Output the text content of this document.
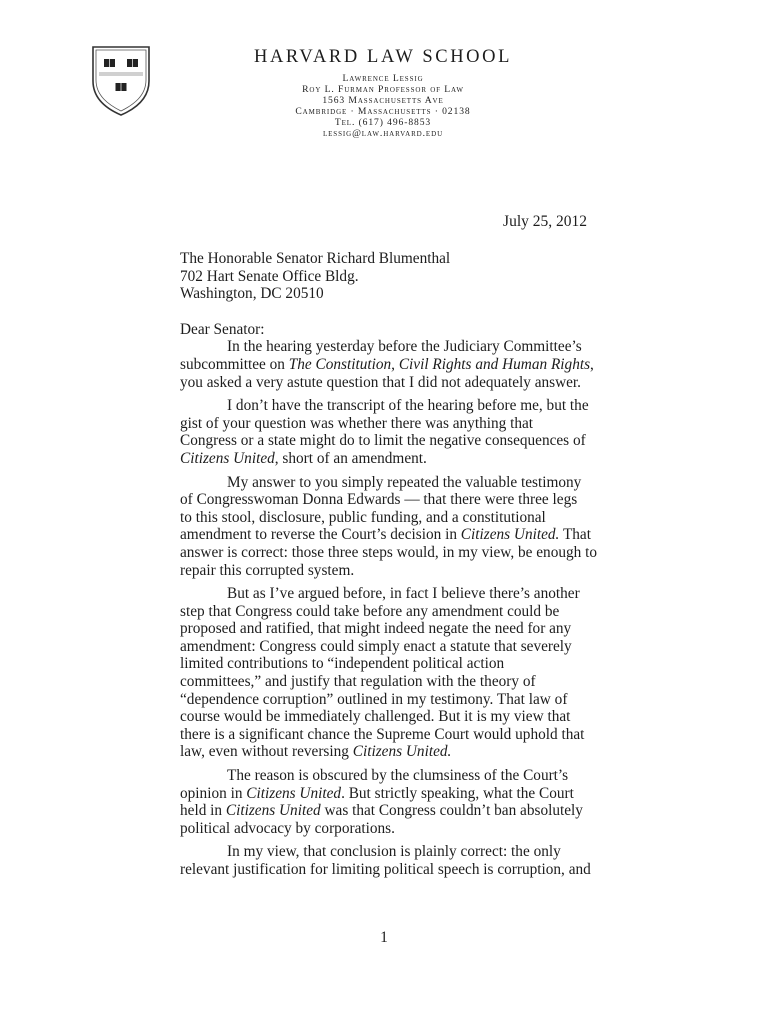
HARVARD LAW SCHOOL
Lawrence Lessig
Roy L. Furman Professor of Law
1563 Massachusetts Ave
Cambridge · Massachusetts · 02138
Tel. (617) 496-8853
lessig@law.harvard.edu
July 25, 2012
The Honorable Senator Richard Blumenthal
702 Hart Senate Office Bldg.
Washington, DC 20510

Dear Senator:

In the hearing yesterday before the Judiciary Committee’s
subcommittee on The Constitution, Civil Rights and Human Rights,
you asked a very astute question that I did not adequately answer.

I don’t have the transcript of the hearing before me, but the
gist of your question was whether there was anything that
Congress or a state might do to limit the negative consequences of
Citizens United, short of an amendment.

My answer to you simply repeated the valuable testimony
of Congresswoman Donna Edwards — that there were three legs
to this stool, disclosure, public funding, and a constitutional
amendment to reverse the Court’s decision in Citizens United. That
answer is correct: those three steps would, in my view, be enough to
repair this corrupted system.

But as I’ve argued before, in fact I believe there’s another
step that Congress could take before any amendment could be
proposed and ratified, that might indeed negate the need for any
amendment: Congress could simply enact a statute that severely
limited contributions to “independent political action
committees,” and justify that regulation with the theory of
“dependence corruption” outlined in my testimony. That law of
course would be immediately challenged. But it is my view that
there is a significant chance the Supreme Court would uphold that
law, even without reversing Citizens United.

The reason is obscured by the clumsiness of the Court’s
opinion in Citizens United. But strictly speaking, what the Court
held in Citizens United was that Congress couldn’t ban absolutely
political advocacy by corporations.

In my view, that conclusion is plainly correct: the only
relevant justification for limiting political speech is corruption, and

1
